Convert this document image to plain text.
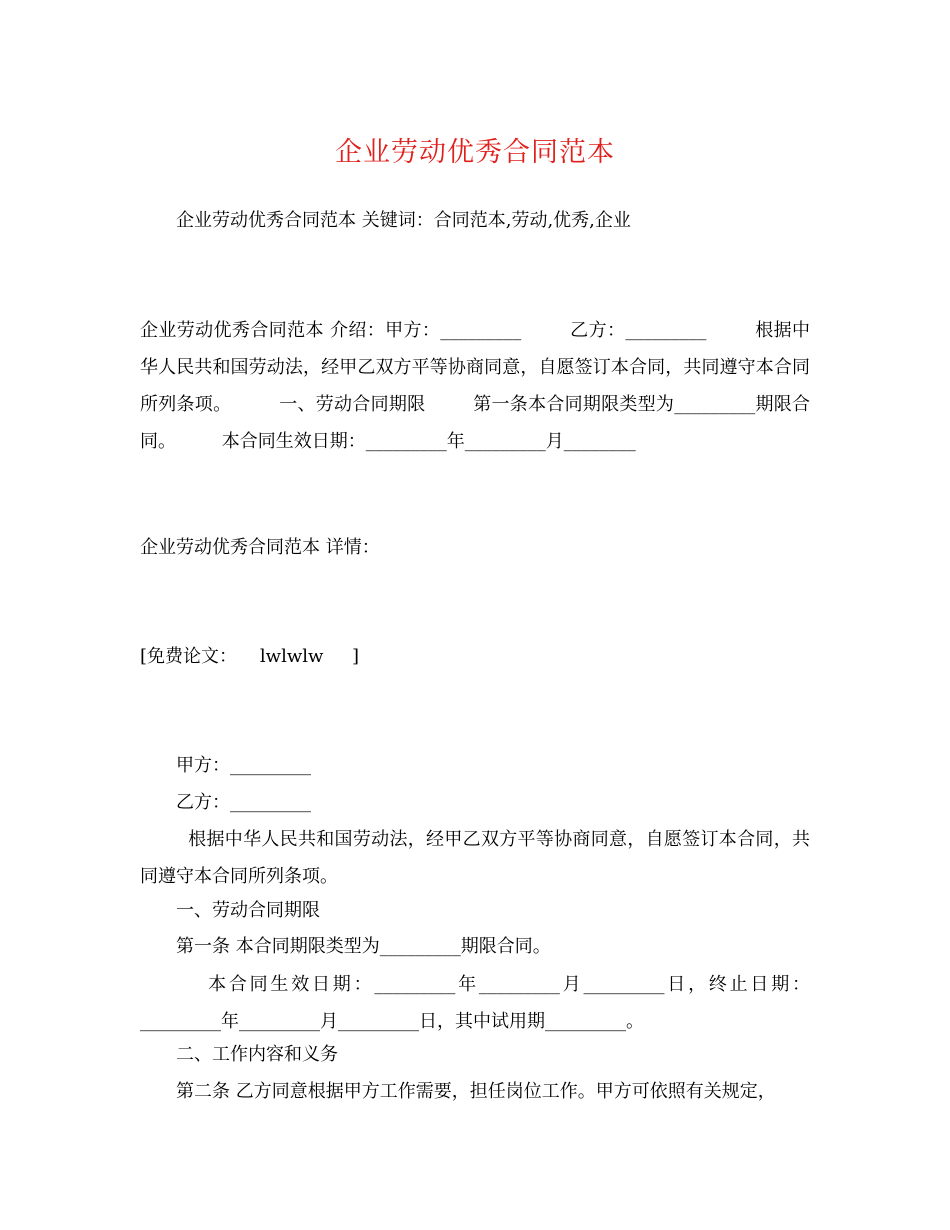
企业劳动优秀合同范本
企业劳动优秀合同范本 关键词：合同范本,劳动,优秀,企业
企业劳动优秀合同范本 介绍：甲方：_________        乙方：_________        根据中华人民共和国劳动法，经甲乙双方平等协商同意，自愿签订本合同，共同遵守本合同所列条项。        一、劳动合同期限        第一条本合同期限类型为_________期限合同。        本合同生效日期：_________年_________月________
企业劳动优秀合同范本 详情：
[免费论文：    lwlwlw     ]
甲方：_________
乙方：_________
根据中华人民共和国劳动法，经甲乙双方平等协商同意，自愿签订本合同，共同遵守本合同所列条项。
一、劳动合同期限
第一条 本合同期限类型为_________期限合同。
本合同生效日期：_________年_________月_________日，终止日期：_________年_________月_________日，其中试用期_________。
二、工作内容和义务
第二条 乙方同意根据甲方工作需要，担任岗位工作。甲方可依照有关规定，
